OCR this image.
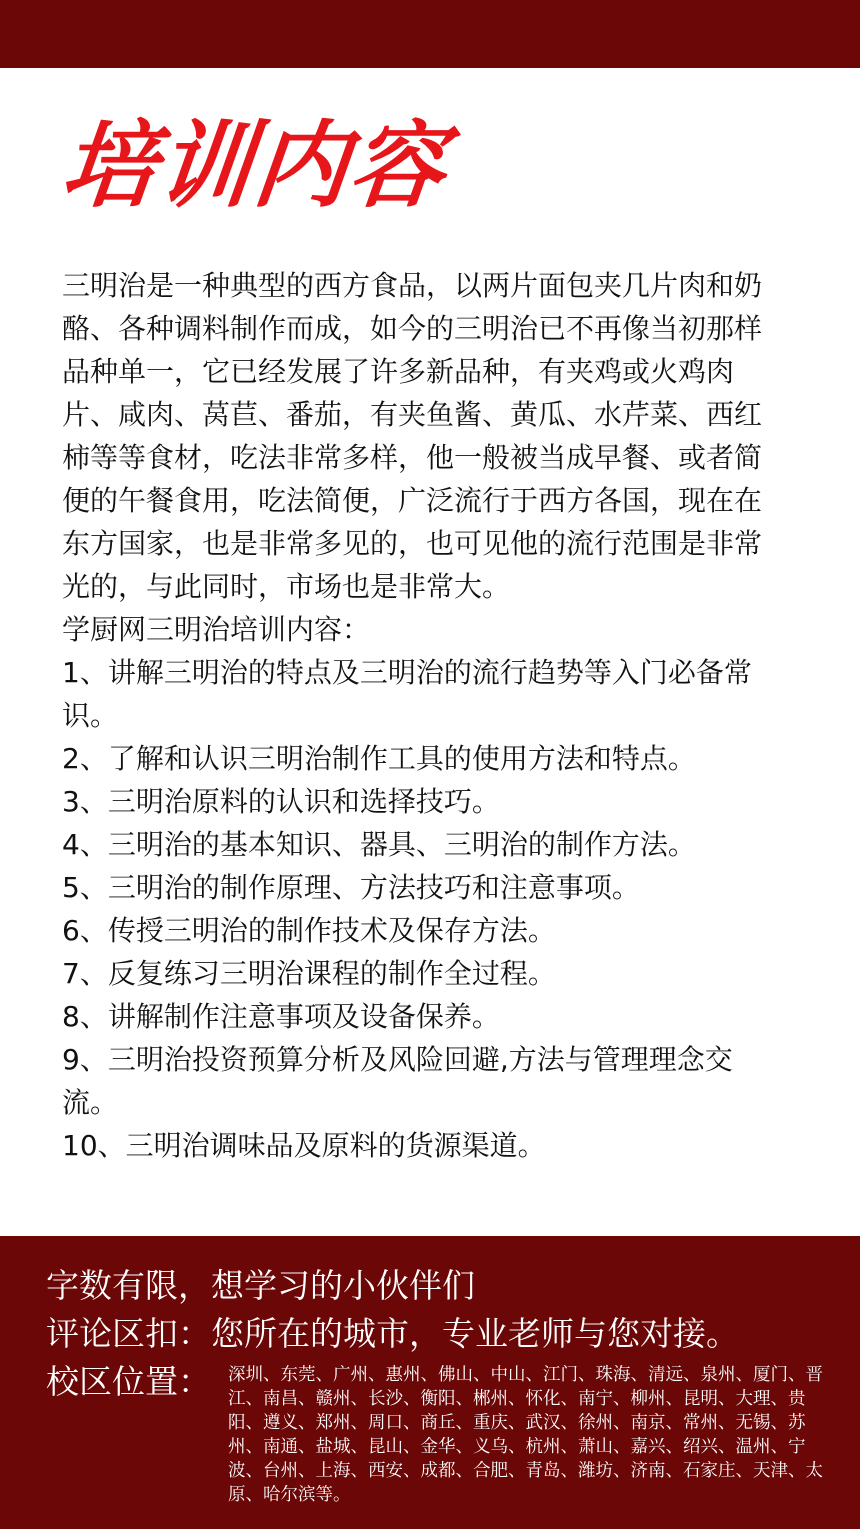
培训内容

三明治是一种典型的西方食品，以两片面包夹几片肉和奶酪、各种调料制作而成，如今的三明治已不再像当初那样品种单一，它已经发展了许多新品种，有夹鸡或火鸡肉片、咸肉、莴苣、番茄，有夹鱼酱、黄瓜、水芹菜、西红柿等等食材，吃法非常多样，他一般被当成早餐、或者简便的午餐食用，吃法简便，广泛流行于西方各国，现在在东方国家，也是非常多见的，也可见他的流行范围是非常光的，与此同时，市场也是非常大。

学厨网三明治培训内容：

1、讲解三明治的特点及三明治的流行趋势等入门必备常识。
2、了解和认识三明治制作工具的使用方法和特点。
3、三明治原料的认识和选择技巧。
4、三明治的基本知识、器具、三明治的制作方法。
5、三明治的制作原理、方法技巧和注意事项。
6、传授三明治的制作技术及保存方法。
7、反复练习三明治课程的制作全过程。
8、讲解制作注意事项及设备保养。
9、三明治投资预算分析及风险回避,方法与管理理念交流。
10、三明治调味品及原料的货源渠道。
字数有限，想学习的小伙伴们
评论区扣：您所在的城市，专业老师与您对接。
校区位置： 深圳、东莞、广州、惠州、佛山、中山、江门、珠海、清远、泉州、厦门、晋江、南昌、赣州、长沙、衡阳、郴州、怀化、南宁、柳州、昆明、大理、贵阳、遵义、郑州、周口、商丘、重庆、武汉、徐州、南京、常州、无锡、苏州、南通、盐城、昆山、金华、义乌、杭州、萧山、嘉兴、绍兴、温州、宁波、台州、上海、西安、成都、合肥、青岛、潍坊、济南、石家庄、天津、太原、哈尔滨等。
